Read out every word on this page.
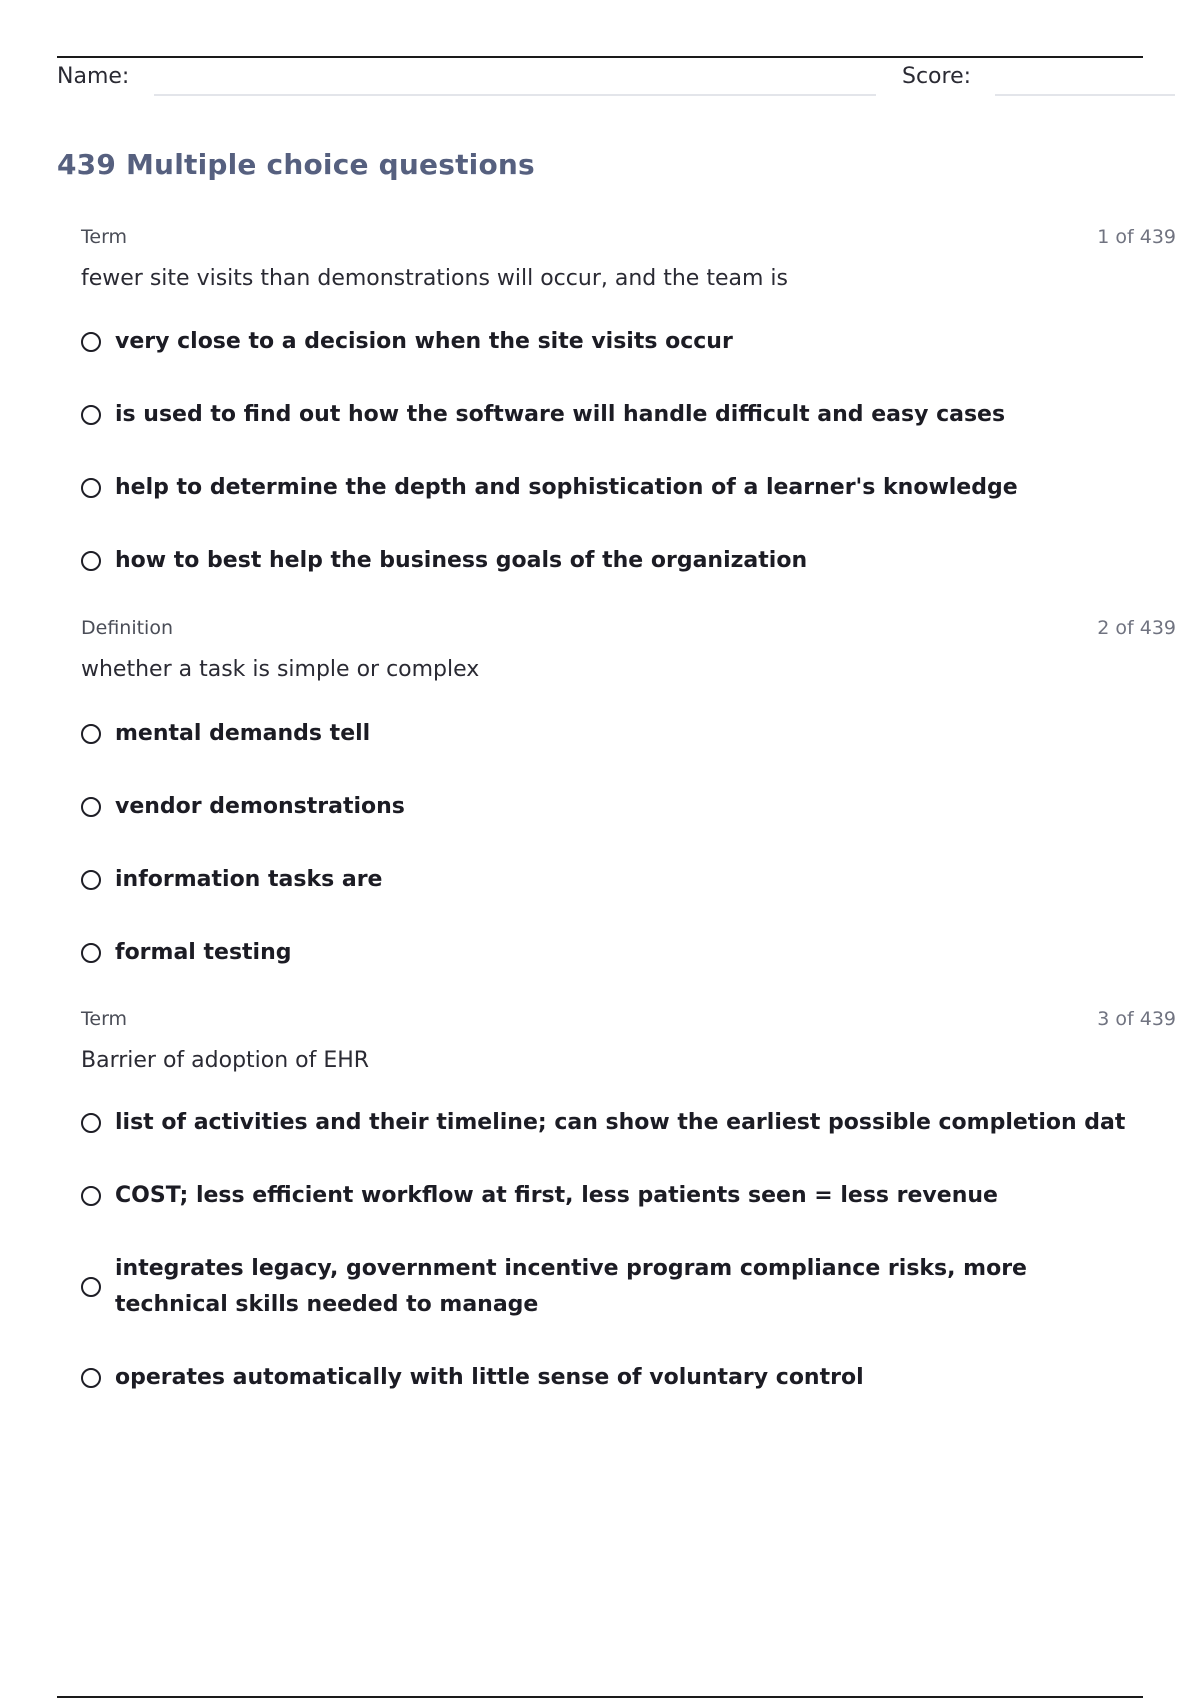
Name:	Score:
439 Multiple choice questions
Term	1 of 439
fewer site visits than demonstrations will occur, and the team is
very close to a decision when the site visits occur
is used to find out how the software will handle difficult and easy cases
help to determine the depth and sophistication of a learner's knowledge
how to best help the business goals of the organization
Definition	2 of 439
whether a task is simple or complex
mental demands tell
vendor demonstrations
information tasks are
formal testing
Term	3 of 439
Barrier of adoption of EHR
list of activities and their timeline; can show the earliest possible completion dat
COST; less efficient workflow at first, less patients seen = less revenue
integrates legacy, government incentive program compliance risks, more technical skills needed to manage
operates automatically with little sense of voluntary control
